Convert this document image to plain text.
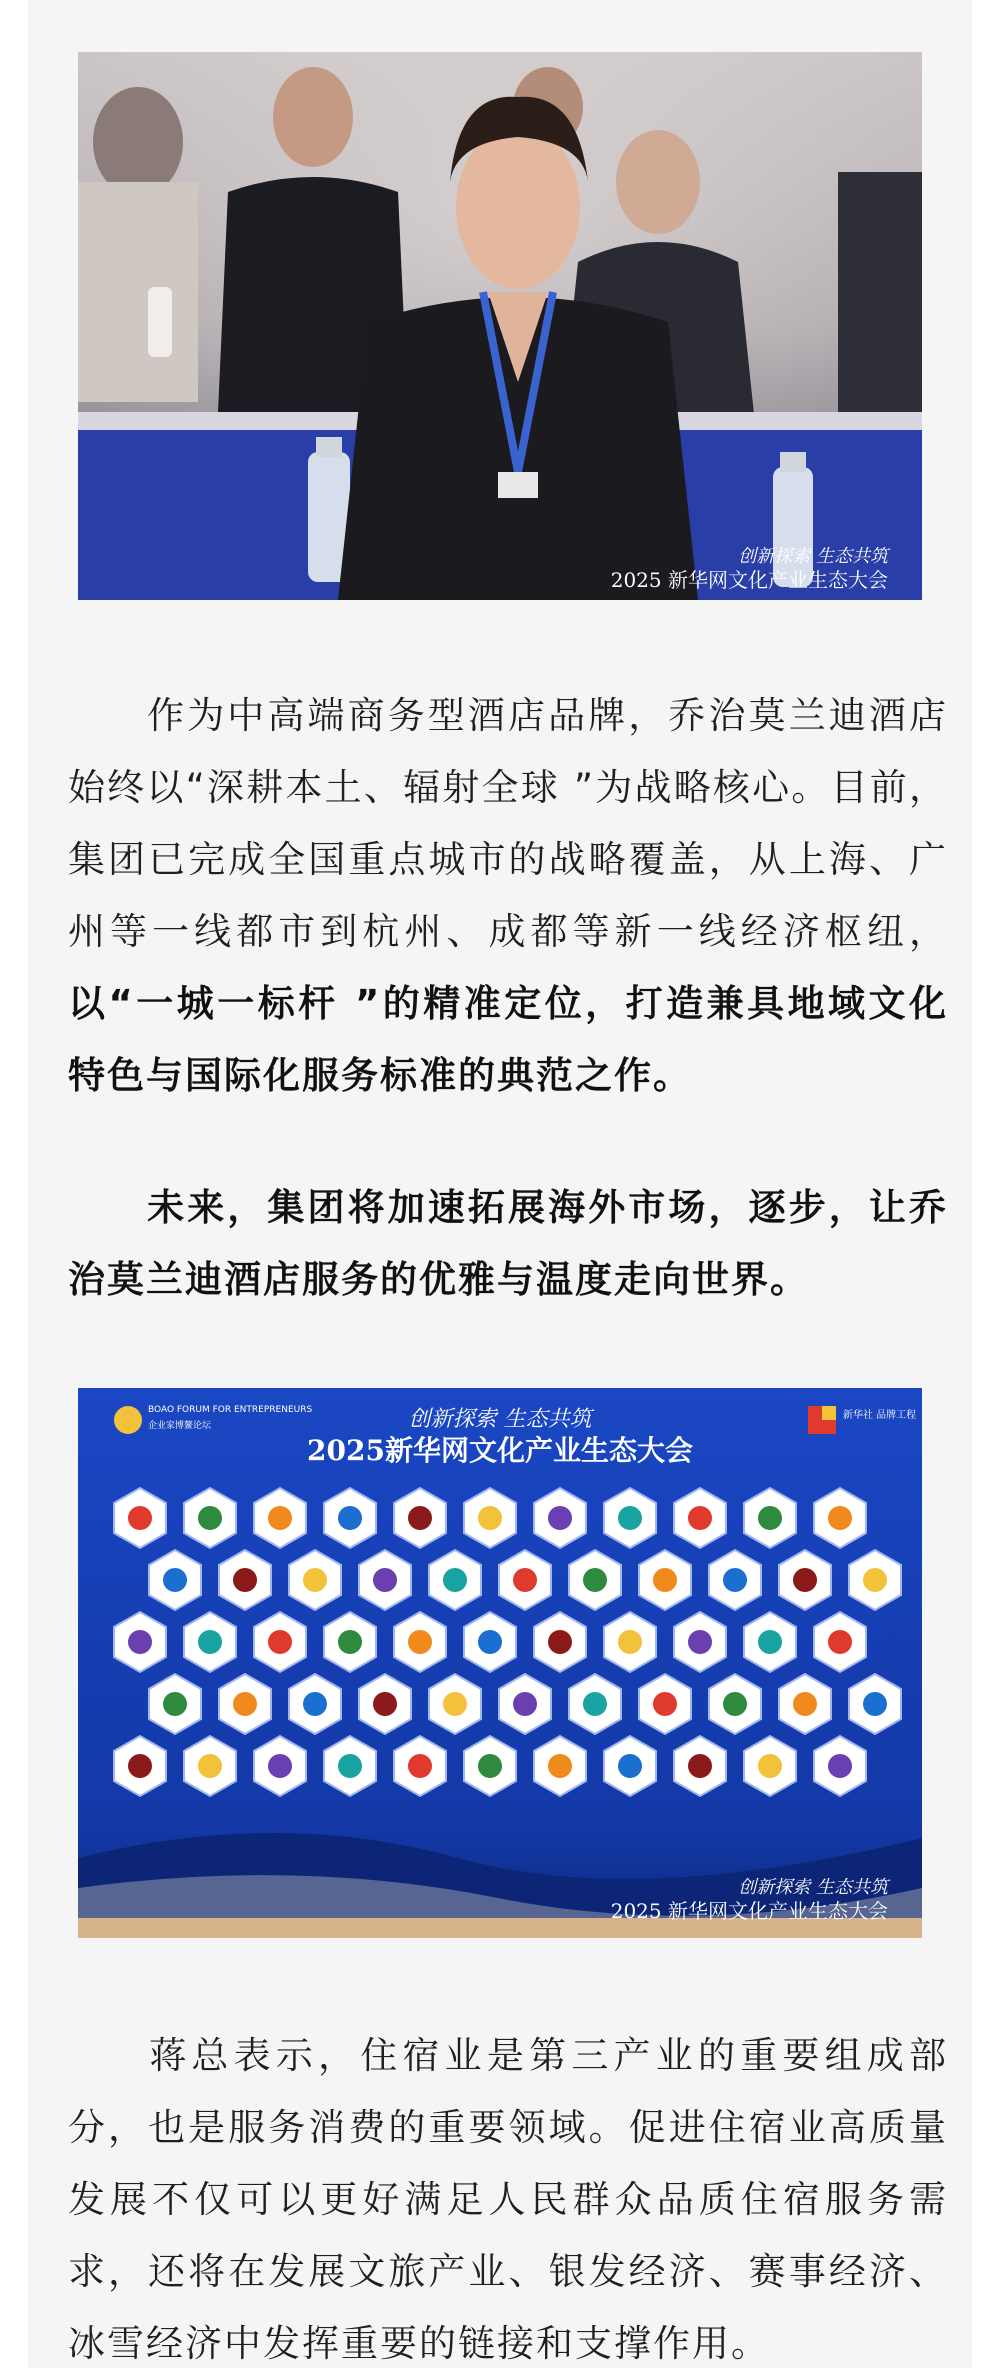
创新探索 生态共筑
2025 新华网文化产业生态大会

作为中高端商务型酒店品牌，乔治莫兰迪酒店始终以“深耕本土、辐射全球 ”为战略核心。目前，集团已完成全国重点城市的战略覆盖，从上海、广州等一线都市到杭州、成都等新一线经济枢纽，以“一城一标杆 ”的精准定位，打造兼具地域文化特色与国际化服务标准的典范之作。

未来，集团将加速拓展海外市场，逐步，让乔治莫兰迪酒店服务的优雅与温度走向世界。

创新探索 生态共筑
2025新华网文化产业生态大会
BOAO FORUM FOR ENTREPRENEURS
企业家博鳌论坛
新华社 品牌工程
创新探索 生态共筑
2025 新华网文化产业生态大会

蒋总表示，住宿业是第三产业的重要组成部分，也是服务消费的重要领域。促进住宿业高质量发展不仅可以更好满足人民群众品质住宿服务需求，还将在发展文旅产业、银发经济、赛事经济、冰雪经济中发挥重要的链接和支撑作用。
